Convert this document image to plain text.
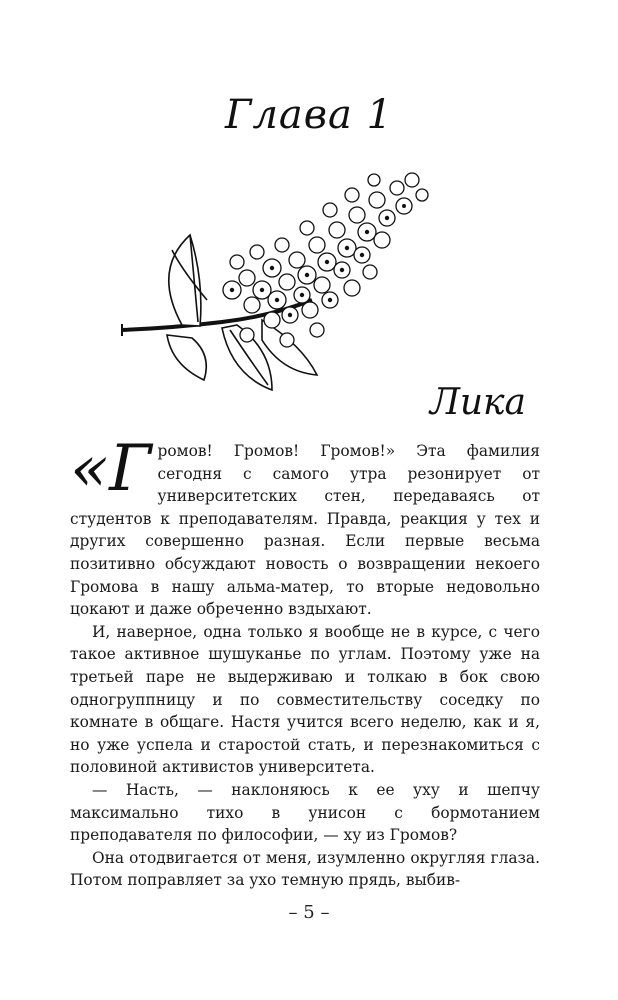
Глава 1
Лика

«Громов! Громов! Громов!» Эта фамилия сегодня с самого утра резонирует от университетских стен, передаваясь от студентов к преподавателям. Правда, реакция у тех и других совершенно разная. Если первые весьма позитивно обсуждают новость о возвращении некоего Громова в нашу альма-матер, то вторые недовольно цокают и даже обреченно вздыхают.

И, наверное, одна только я вообще не в курсе, с чего такое активное шушуканье по углам. Поэтому уже на третьей паре не выдерживаю и толкаю в бок свою одногруппницу и по совместительству соседку по комнате в общаге. Настя учится всего неделю, как и я, но уже успела и старостой стать, и перезнакомиться с половиной активистов университета.

— Насть, — наклоняюсь к ее уху и шепчу максимально тихо в унисон с бормотанием преподавателя по философии, — ху из Громов?

Она отодвигается от меня, изумленно округляя глаза. Потом поправляет за ухо темную прядь, выбив-

– 5 –
